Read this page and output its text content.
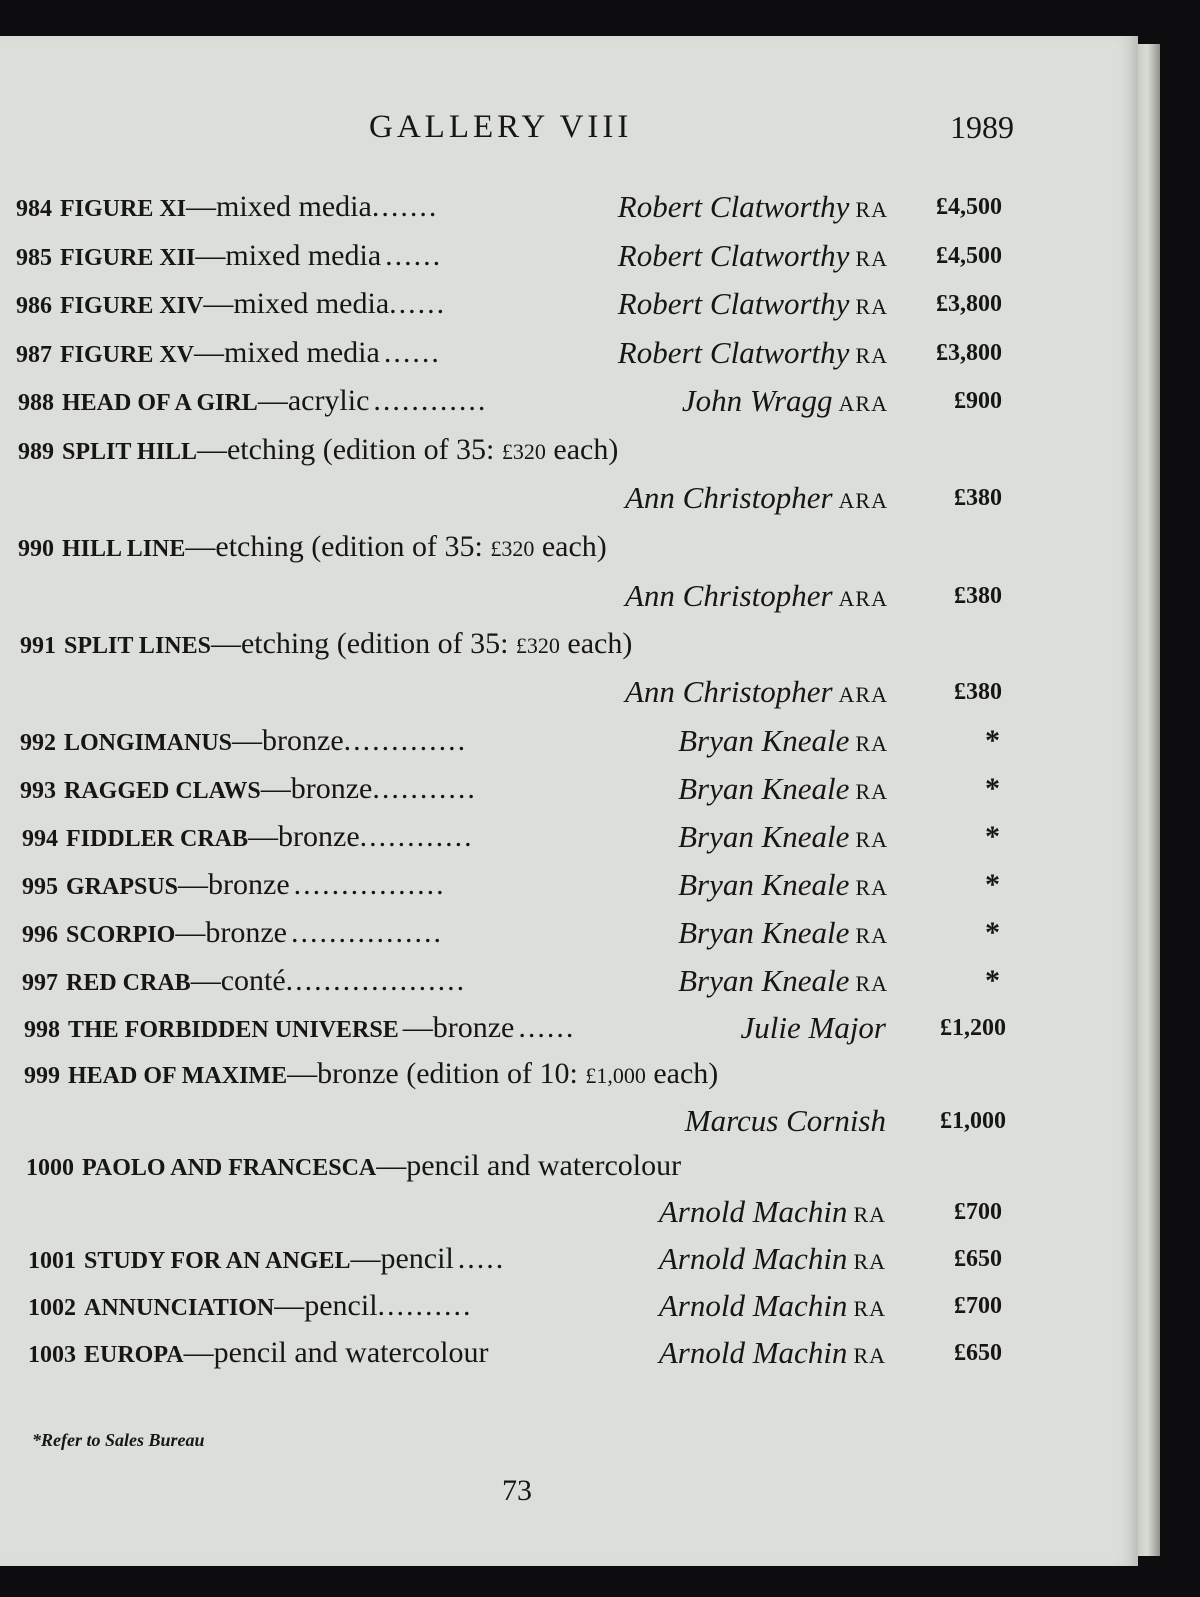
GALLERY VIII	1989
984 FIGURE XI—mixed media.......	Robert Clatworthy RA £4,500
985 FIGURE XII—mixed media ......	Robert Clatworthy RA £4,500
986 FIGURE XIV—mixed media......	Robert Clatworthy RA £3,800
987 FIGURE XV—mixed media ......	Robert Clatworthy RA £3,800
988 HEAD OF A GIRL—acrylic ............	John Wragg ARA	£900
989 SPLIT HILL—etching (edition of 35: £320 each)
Ann Christopher ARA	£380
990 HILL LINE—etching (edition of 35: £320 each)
Ann Christopher ARA	£380
991 SPLIT LINES—etching (edition of 35: £320 each)
Ann Christopher ARA	£380
992 LONGIMANUS—bronze.............	Bryan Kneale RA	*
993 RAGGED CLAWS—bronze...........	Bryan Kneale RA	*
994 FIDDLER CRAB—bronze............	Bryan Kneale RA	*
995 GRAPSUS—bronze ................	Bryan Kneale RA	*
996 SCORPIO—bronze ................	Bryan Kneale RA	*
997 RED CRAB—conté...................	Bryan Kneale RA	*
998 THE FORBIDDEN UNIVERSE —bronze ......	Julie Major £1,200
999 HEAD OF MAXIME—bronze (edition of 10: £1,000 each)
Marcus Cornish £1,000
1000 PAOLO AND FRANCESCA—pencil and watercolour
Arnold Machin RA	£700
1001 STUDY FOR AN ANGEL—pencil .....	Arnold Machin RA	£650
1002 ANNUNCIATION—pencil..........	Arnold Machin RA	£700
1003 EUROPA—pencil and watercolour	Arnold Machin RA	£650
*Refer to Sales Bureau
73
